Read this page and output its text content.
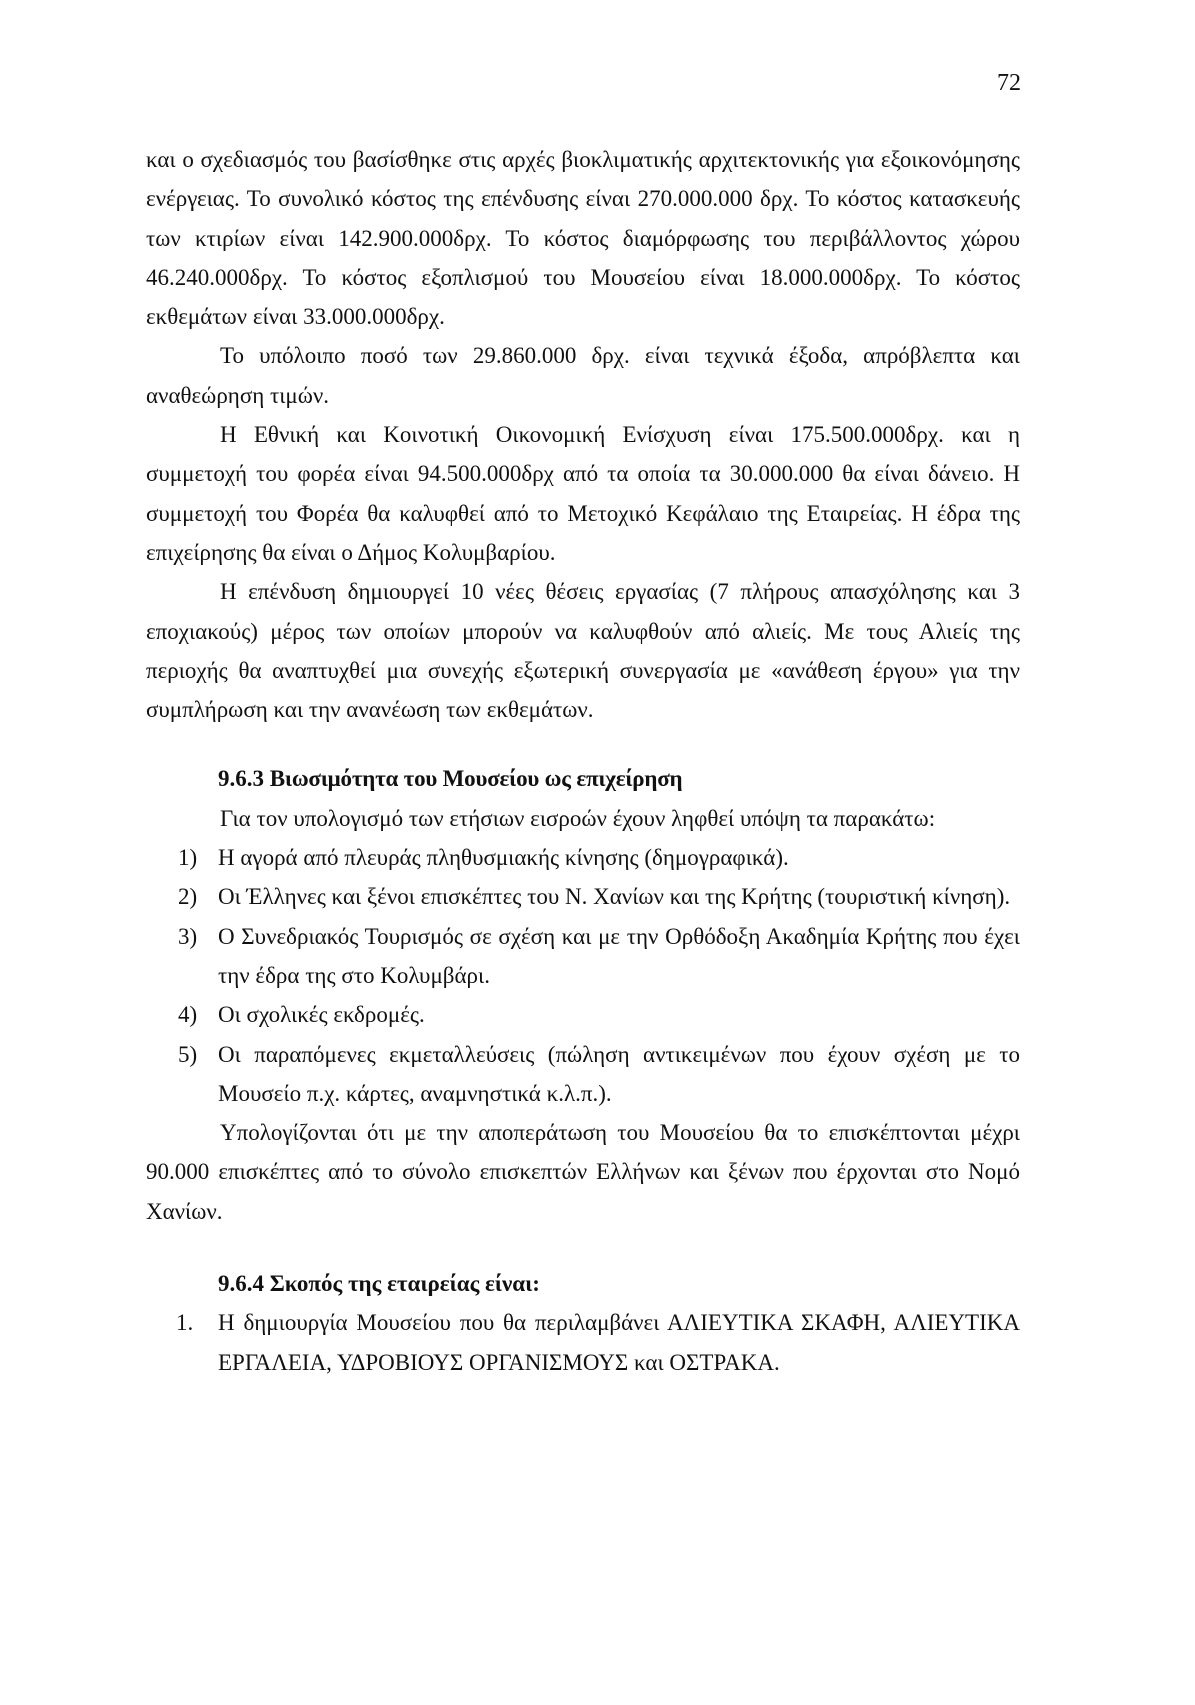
72

και ο σχεδιασμός του βασίσθηκε στις αρχές βιοκλιματικής αρχιτεκτονικής για εξοικονόμησης ενέργειας. Το συνολικό κόστος της επένδυσης είναι 270.000.000 δρχ. Το κόστος κατασκευής των κτιρίων είναι 142.900.000δρχ. Το κόστος διαμόρφωσης του περιβάλλοντος χώρου 46.240.000δρχ. Το κόστος εξοπλισμού του Μουσείου είναι 18.000.000δρχ. Το κόστος εκθεμάτων είναι 33.000.000δρχ.

Το υπόλοιπο ποσό των 29.860.000 δρχ. είναι τεχνικά έξοδα, απρόβλεπτα και αναθεώρηση τιμών.

Η Εθνική και Κοινοτική Οικονομική Ενίσχυση είναι 175.500.000δρχ. και η συμμετοχή του φορέα είναι 94.500.000δρχ από τα οποία τα 30.000.000 θα είναι δάνειο. Η συμμετοχή του Φορέα θα καλυφθεί από το Μετοχικό Κεφάλαιο της Εταιρείας. Η έδρα της επιχείρησης θα είναι ο Δήμος Κολυμβαρίου.

Η επένδυση δημιουργεί 10 νέες θέσεις εργασίας (7 πλήρους απασχόλησης και 3 εποχιακούς) μέρος των οποίων μπορούν να καλυφθούν από αλιείς. Με τους Αλιείς της περιοχής θα αναπτυχθεί μια συνεχής εξωτερική συνεργασία με «ανάθεση έργου» για την συμπλήρωση και την ανανέωση των εκθεμάτων.

9.6.3 Βιωσιμότητα του Μουσείου ως επιχείρηση

Για τον υπολογισμό των ετήσιων εισροών έχουν ληφθεί υπόψη τα παρακάτω:

1) Η αγορά από πλευράς πληθυσμιακής κίνησης (δημογραφικά).
2) Οι Έλληνες και ξένοι επισκέπτες του Ν. Χανίων και της Κρήτης (τουριστική κίνηση).
3) Ο Συνεδριακός Τουρισμός σε σχέση και με την Ορθόδοξη Ακαδημία Κρήτης που έχει την έδρα της στο Κολυμβάρι.
4) Οι σχολικές εκδρομές.
5) Οι παραπόμενες εκμεταλλεύσεις (πώληση αντικειμένων που έχουν σχέση με το Μουσείο π.χ. κάρτες, αναμνηστικά κ.λ.π.).

Υπολογίζονται ότι με την αποπεράτωση του Μουσείου θα το επισκέπτονται μέχρι 90.000 επισκέπτες από το σύνολο επισκεπτών Ελλήνων και ξένων που έρχονται στο Νομό Χανίων.

9.6.4 Σκοπός της εταιρείας είναι:
1. Η δημιουργία Μουσείου που θα περιλαμβάνει ΑΛΙΕΥΤΙΚΑ ΣΚΑΦΗ, ΑΛΙΕΥΤΙΚΑ ΕΡΓΑΛΕΙΑ, ΥΔΡΟΒΙΟΥΣ ΟΡΓΑΝΙΣΜΟΥΣ και ΟΣΤΡΑΚΑ.
